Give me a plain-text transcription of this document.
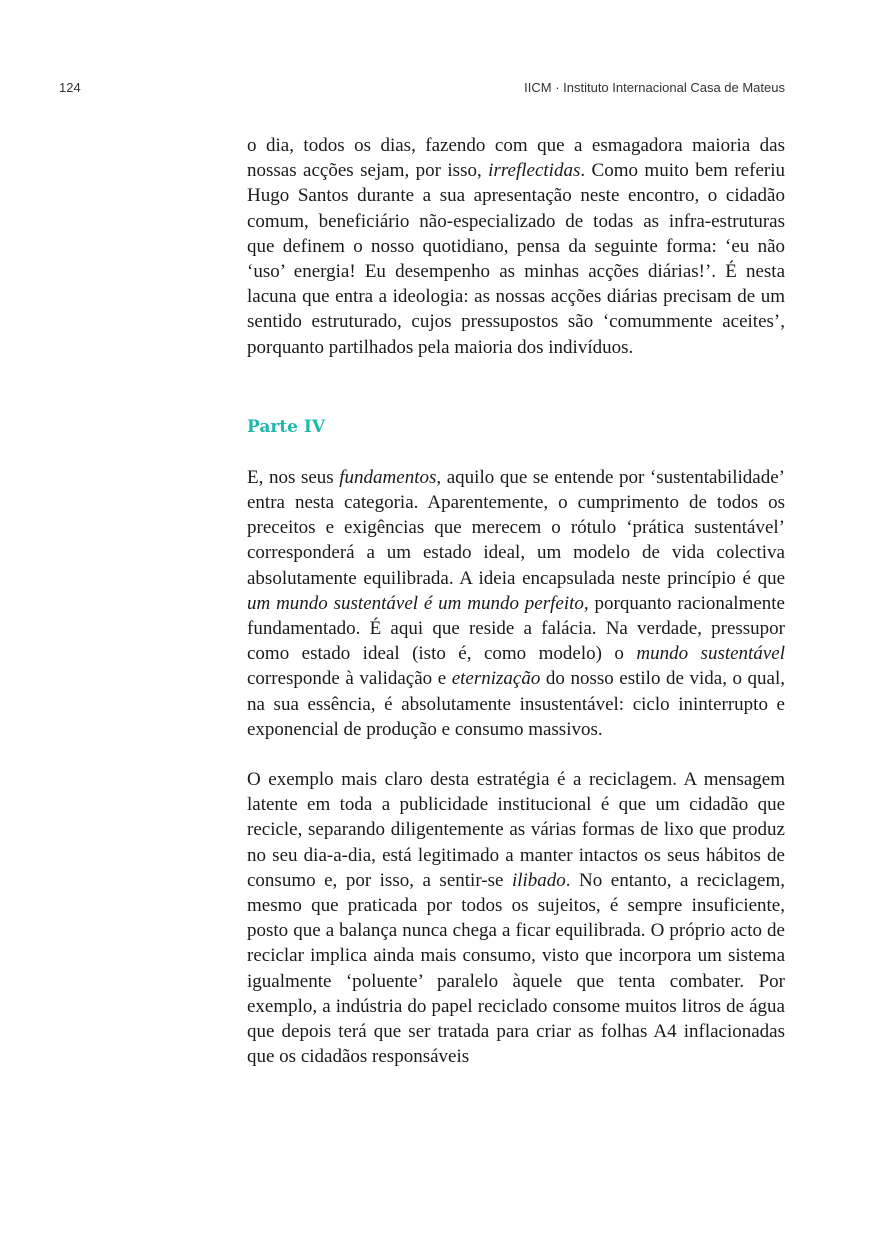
124	IICM · Instituto Internacional Casa de Mateus

o dia, todos os dias, fazendo com que a esmagadora maioria das nossas acções sejam, por isso, irreflectidas. Como muito bem referiu Hugo Santos durante a sua apresentação neste encontro, o cidadão comum, beneficiário não-especializado de todas as infra-estruturas que definem o nosso quotidiano, pensa da seguinte forma: ‘eu não ‘uso’ energia! Eu desempenho as minhas acções diárias!’. É nesta lacuna que entra a ideologia: as nossas acções diárias precisam de um sentido estruturado, cujos pressupostos são ‘comummente aceites’, porquanto partilhados pela maioria dos indivíduos.

Parte IV

E, nos seus fundamentos, aquilo que se entende por ‘sustentabilidade’ entra nesta categoria. Aparentemente, o cumprimento de todos os preceitos e exigências que merecem o rótulo ‘prática sustentável’ corresponderá a um estado ideal, um modelo de vida colectiva absolutamente equilibrada. A ideia encapsulada neste princípio é que um mundo sustentável é um mundo perfeito, porquanto racionalmente fundamentado. É aqui que reside a falácia. Na verdade, pressupor como estado ideal (isto é, como modelo) o mundo sustentável corresponde à validação e eternização do nosso estilo de vida, o qual, na sua essência, é absolutamente insustentável: ciclo ininterrupto e exponencial de produção e consumo massivos.

O exemplo mais claro desta estratégia é a reciclagem. A mensagem latente em toda a publicidade institucional é que um cidadão que recicle, separando diligentemente as várias formas de lixo que produz no seu dia-a-dia, está legitimado a manter intactos os seus hábitos de consumo e, por isso, a sentir-se ilibado. No entanto, a reciclagem, mesmo que praticada por todos os sujeitos, é sempre insuficiente, posto que a balança nunca chega a ficar equilibrada. O próprio acto de reciclar implica ainda mais consumo, visto que incorpora um sistema igualmente ‘poluente’ paralelo àquele que tenta combater. Por exemplo, a indústria do papel reciclado consome muitos litros de água que depois terá que ser tratada para criar as folhas A4 inflacionadas que os cidadãos responsáveis
